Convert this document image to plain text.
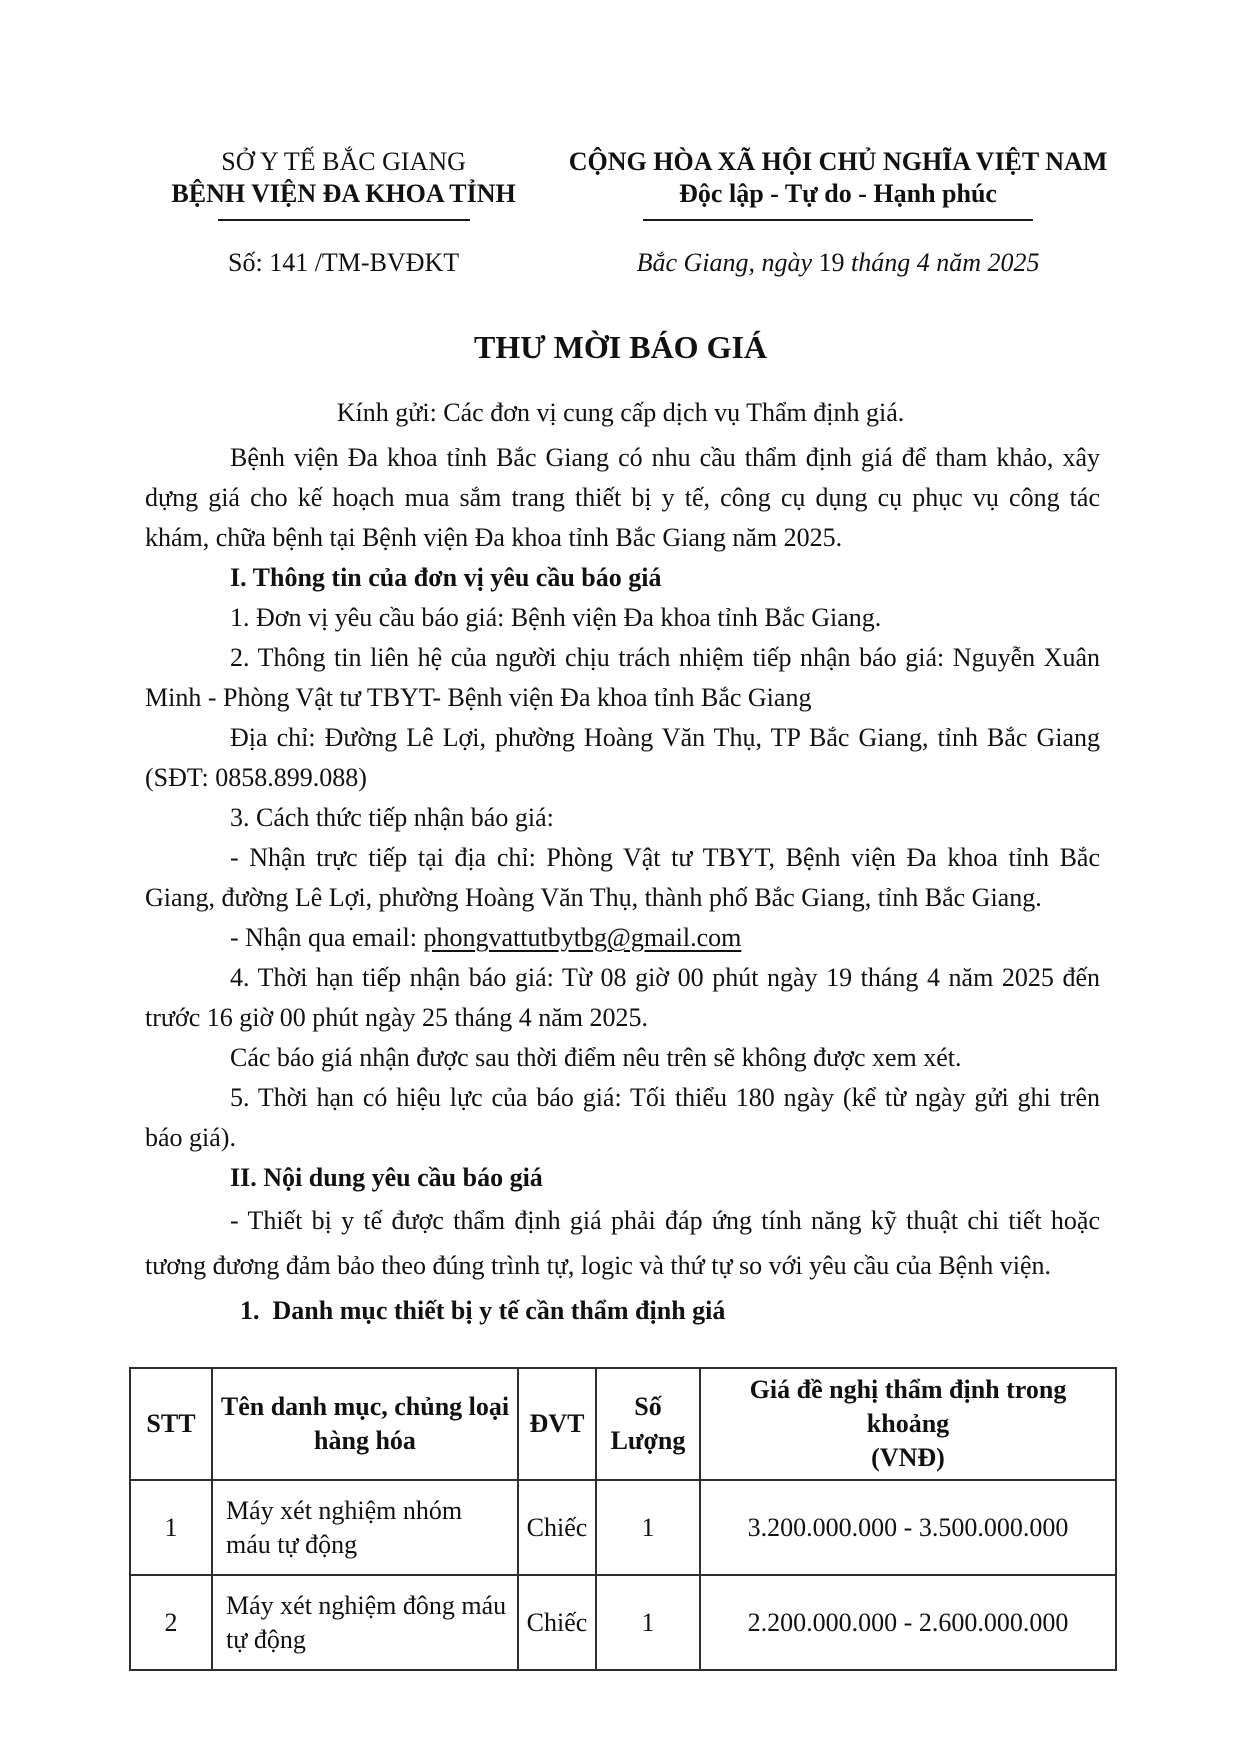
SỞ Y TẾ BẮC GIANG
BỆNH VIỆN ĐA KHOA TỈNH
Số: 141 /TM-BVĐKT
CỘNG HÒA XÃ HỘI CHỦ NGHĨA VIỆT NAM
Độc lập - Tự do - Hạnh phúc
Bắc Giang, ngày 19 tháng 4 năm 2025
THƯ MỜI BÁO GIÁ
Kính gửi: Các đơn vị cung cấp dịch vụ Thẩm định giá.

Bệnh viện Đa khoa tỉnh Bắc Giang có nhu cầu thẩm định giá để tham khảo, xây dựng giá cho kế hoạch mua sắm trang thiết bị y tế, công cụ dụng cụ phục vụ công tác khám, chữa bệnh tại Bệnh viện Đa khoa tỉnh Bắc Giang năm 2025.

I. Thông tin của đơn vị yêu cầu báo giá

1. Đơn vị yêu cầu báo giá: Bệnh viện Đa khoa tỉnh Bắc Giang.

2. Thông tin liên hệ của người chịu trách nhiệm tiếp nhận báo giá: Nguyễn Xuân Minh - Phòng Vật tư TBYT- Bệnh viện Đa khoa tỉnh Bắc Giang

Địa chỉ: Đường Lê Lợi, phường Hoàng Văn Thụ, TP Bắc Giang, tỉnh Bắc Giang (SĐT: 0858.899.088)

3. Cách thức tiếp nhận báo giá:

- Nhận trực tiếp tại địa chỉ: Phòng Vật tư TBYT, Bệnh viện Đa khoa tỉnh Bắc Giang, đường Lê Lợi, phường Hoàng Văn Thụ, thành phố Bắc Giang, tỉnh Bắc Giang.

- Nhận qua email: phongvattutbytbg@gmail.com

4. Thời hạn tiếp nhận báo giá: Từ 08 giờ 00 phút ngày 19 tháng 4 năm 2025 đến trước 16 giờ 00 phút ngày 25 tháng 4 năm 2025.

Các báo giá nhận được sau thời điểm nêu trên sẽ không được xem xét.

5. Thời hạn có hiệu lực của báo giá: Tối thiểu 180 ngày (kể từ ngày gửi ghi trên báo giá).

II. Nội dung yêu cầu báo giá

- Thiết bị y tế được thẩm định giá phải đáp ứng tính năng kỹ thuật chi tiết hoặc tương đương đảm bảo theo đúng trình tự, logic và thứ tự so với yêu cầu của Bệnh viện.

1.  Danh mục thiết bị y tế cần thẩm định giá

STT	Tên danh mục, chủng loại hàng hóa	ĐVT	Số Lượng	Giá đề nghị thẩm định trong khoảng
(VNĐ)

1	Máy xét nghiệm nhóm máu tự động	Chiếc	1	3.200.000.000 - 3.500.000.000
2	Máy xét nghiệm đông máu tự động	Chiếc	1	2.200.000.000 - 2.600.000.000
